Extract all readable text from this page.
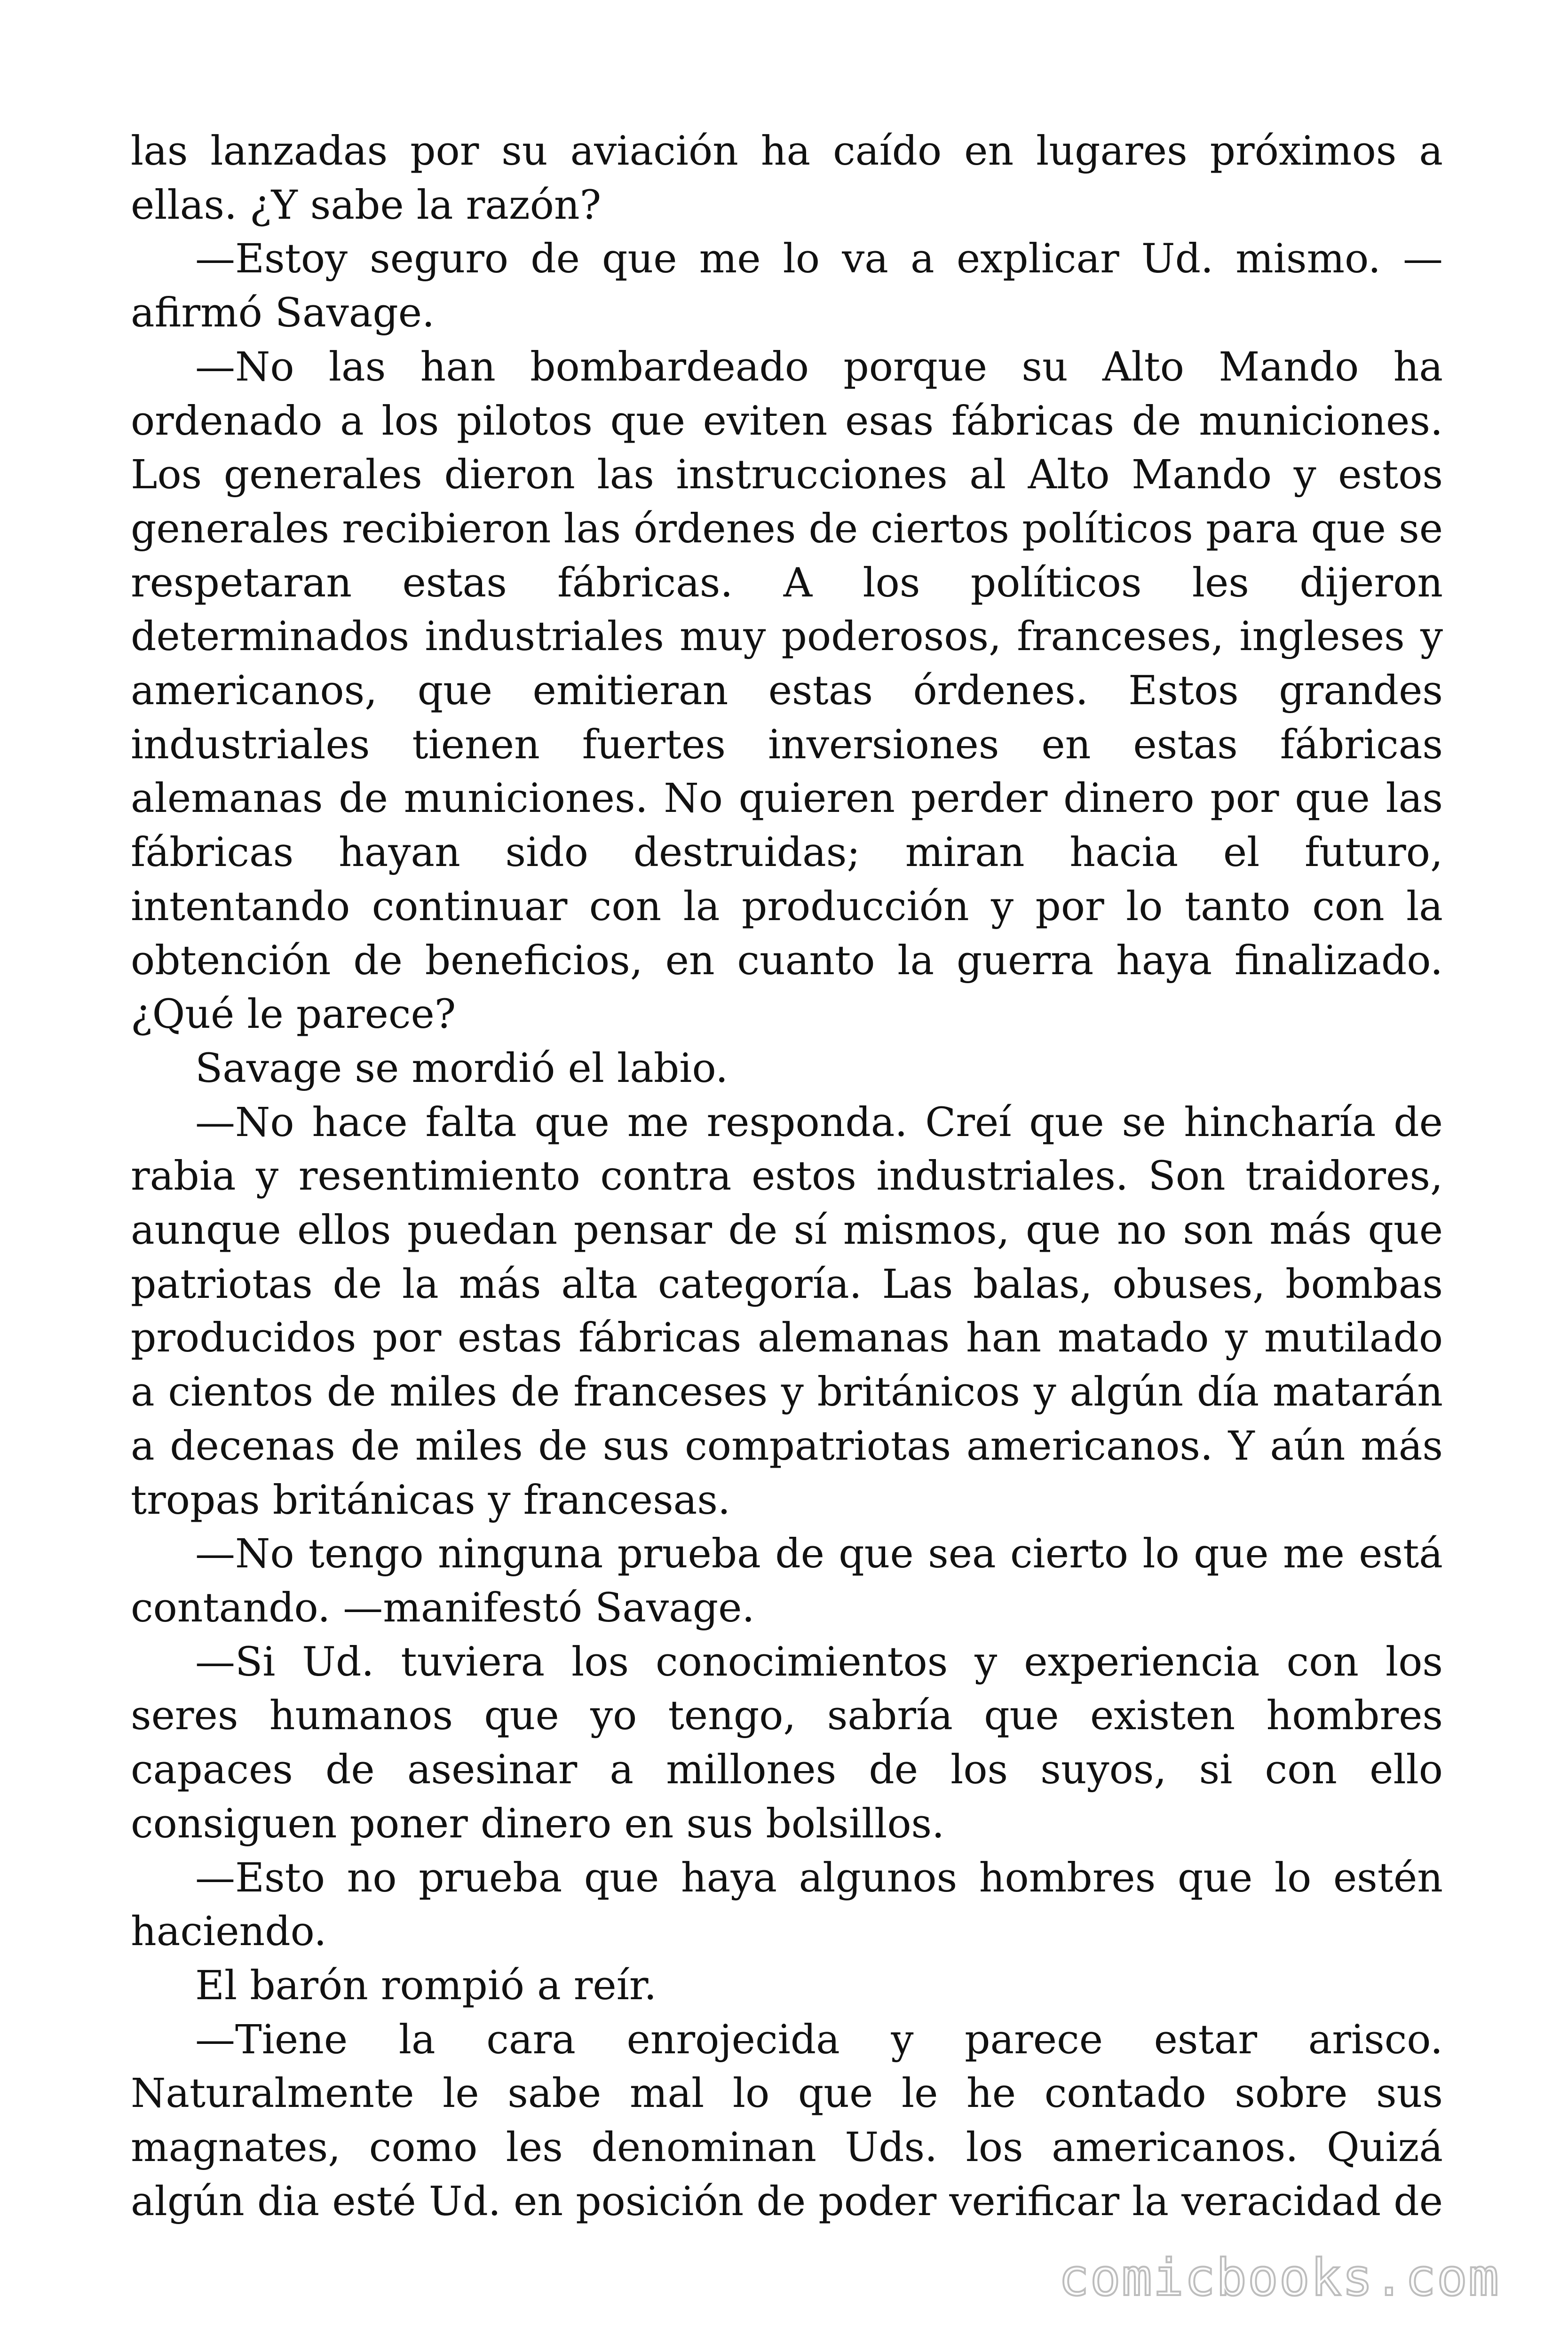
las lanzadas por su aviación ha caído en lugares próximos a ellas. ¿Y sabe la razón?

—Estoy seguro de que me lo va a explicar Ud. mismo. —afirmó Savage.

—No las han bombardeado porque su Alto Mando ha ordenado a los pilotos que eviten esas fábricas de municiones. Los generales dieron las instrucciones al Alto Mando y estos generales recibieron las órdenes de ciertos políticos para que se respetaran estas fábricas. A los políticos les dijeron determinados industriales muy poderosos, franceses, ingleses y americanos, que emitieran estas órdenes. Estos grandes industriales tienen fuertes inversiones en estas fábricas alemanas de municiones. No quieren perder dinero por que las fábricas hayan sido destruidas; miran hacia el futuro, intentando continuar con la producción y por lo tanto con la obtención de beneficios, en cuanto la guerra haya finalizado. ¿Qué le parece?

Savage se mordió el labio.

—No hace falta que me responda. Creí que se hincharía de rabia y resentimiento contra estos industriales. Son traidores, aunque ellos puedan pensar de sí mismos, que no son más que patriotas de la más alta categoría. Las balas, obuses, bombas producidos por estas fábricas alemanas han matado y mutilado a cientos de miles de franceses y británicos y algún día matarán a decenas de miles de sus compatriotas americanos. Y aún más tropas británicas y francesas.

—No tengo ninguna prueba de que sea cierto lo que me está contando. —manifestó Savage.

—Si Ud. tuviera los conocimientos y experiencia con los seres humanos que yo tengo, sabría que existen hombres capaces de asesinar a millones de los suyos, si con ello consiguen poner dinero en sus bolsillos.

—Esto no prueba que haya algunos hombres que lo estén haciendo.

El barón rompió a reír.

—Tiene la cara enrojecida y parece estar arisco. Naturalmente le sabe mal lo que le he contado sobre sus magnates, como les denominan Uds. los americanos. Quizá algún dia esté Ud. en posición de poder verificar la veracidad de

comicbooks.com
